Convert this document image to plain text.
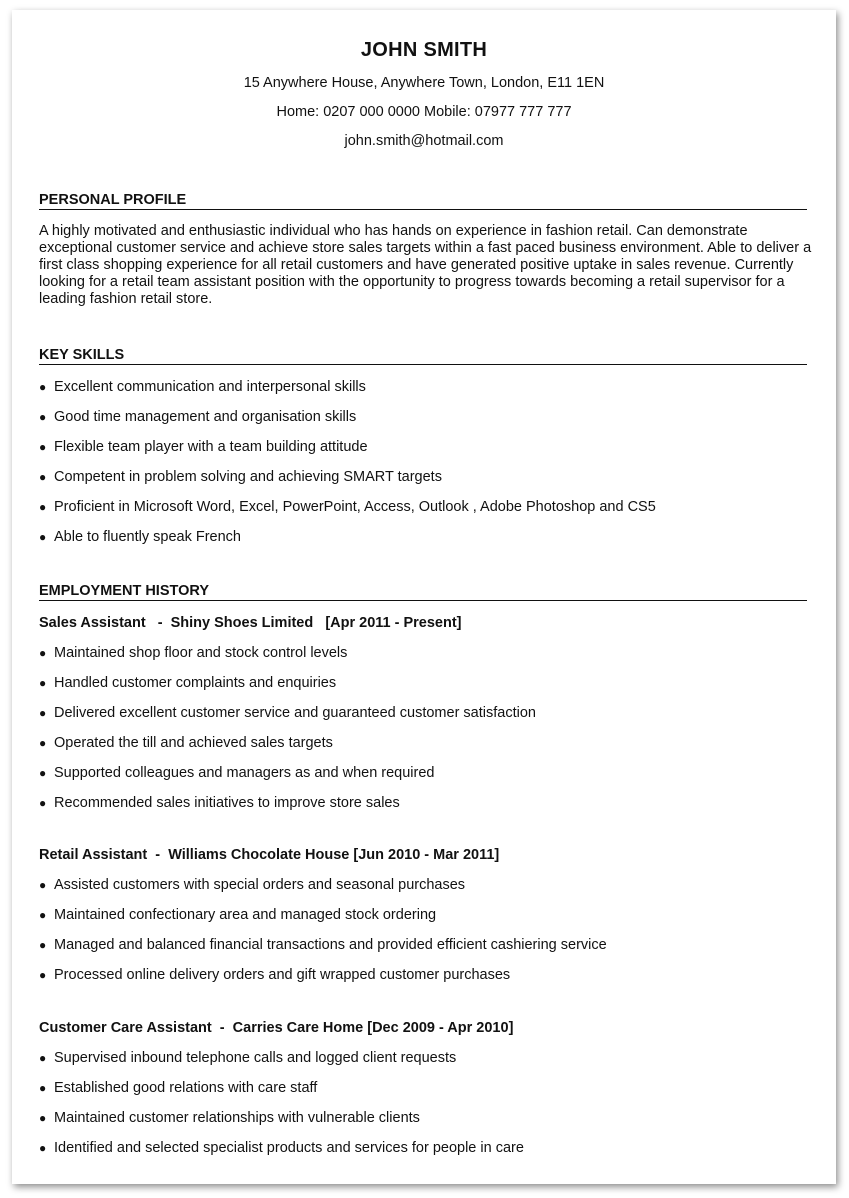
JOHN SMITH
15 Anywhere House, Anywhere Town, London, E11 1EN
Home: 0207 000 0000 Mobile: 07977 777 777
john.smith@hotmail.com
PERSONAL PROFILE
A highly motivated and enthusiastic individual who has hands on experience in fashion retail. Can demonstrate exceptional customer service and achieve store sales targets within a fast paced business environment. Able to deliver a first class shopping experience for all retail customers and have generated positive uptake in sales revenue. Currently looking for a retail team assistant position with the opportunity to progress towards becoming a retail supervisor for a leading fashion retail store.
KEY SKILLS
● Excellent communication and interpersonal skills
● Good time management and organisation skills
● Flexible team player with a team building attitude
● Competent in problem solving and achieving SMART targets
● Proficient in Microsoft Word, Excel, PowerPoint, Access, Outlook , Adobe Photoshop and CS5
● Able to fluently speak French
EMPLOYMENT HISTORY
Sales Assistant   -  Shiny Shoes Limited   [Apr 2011 - Present]
● Maintained shop floor and stock control levels
● Handled customer complaints and enquiries
● Delivered excellent customer service and guaranteed customer satisfaction
● Operated the till and achieved sales targets
● Supported colleagues and managers as and when required
● Recommended sales initiatives to improve store sales
Retail Assistant  -  Williams Chocolate House [Jun 2010 - Mar 2011]
● Assisted customers with special orders and seasonal purchases
● Maintained confectionary area and managed stock ordering
● Managed and balanced financial transactions and provided efficient cashiering service
● Processed online delivery orders and gift wrapped customer purchases
Customer Care Assistant  -  Carries Care Home [Dec 2009 - Apr 2010]
● Supervised inbound telephone calls and logged client requests
● Established good relations with care staff
● Maintained customer relationships with vulnerable clients
● Identified and selected specialist products and services for people in care
